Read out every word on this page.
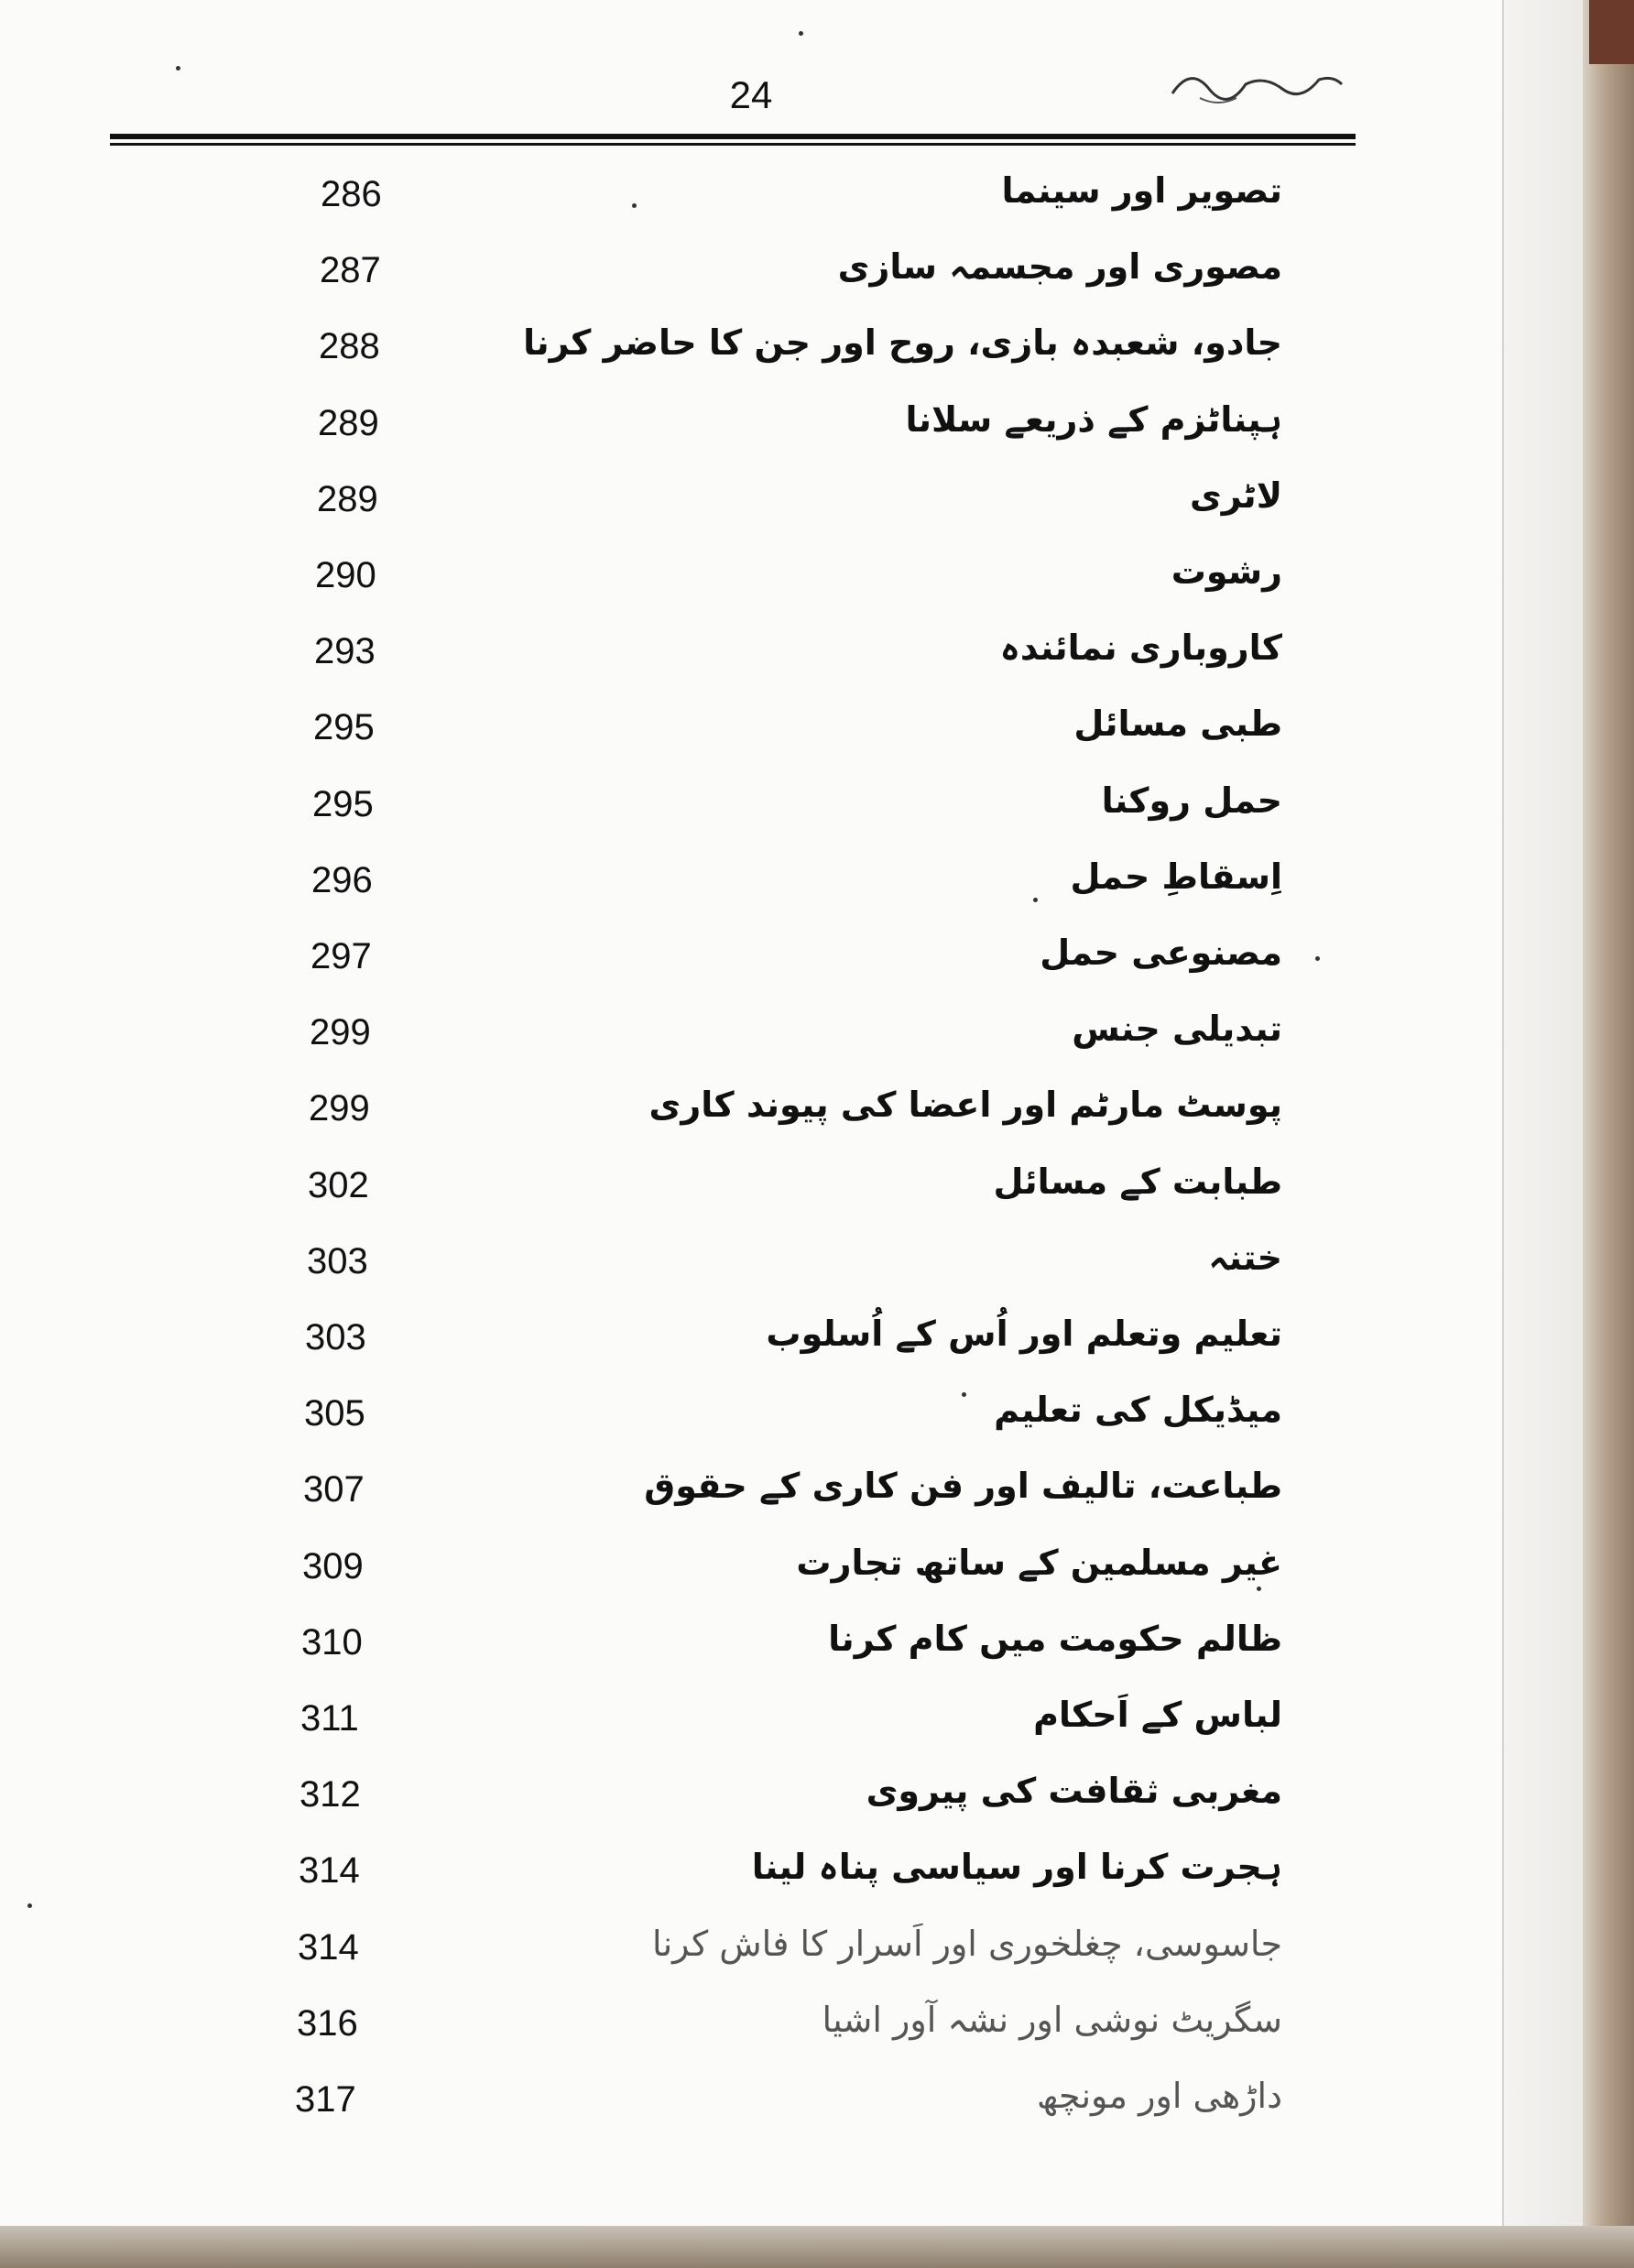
24
286	تصویر اور سینما
287	مصوری اور مجسمہ سازی
288	جادو، شعبدہ بازی، روح اور جن کا حاضر کرنا
289	ہپناٹزم کے ذریعے سلانا
289	لاٹری
290	رشوت
293	کاروباری نمائندہ
295	طبی مسائل
295	حمل روکنا
296	اِسقاطِ حمل
297	مصنوعی حمل
299	تبدیلی جنس
299	پوسٹ مارٹم اور اعضا کی پیوند کاری
302	طبابت کے مسائل
303	ختنہ
303	تعلیم وتعلم اور اُس کے اُسلوب
305	میڈیکل کی تعلیم
307	طباعت، تالیف اور فن کاری کے حقوق
309	غیر مسلمین کے ساتھ تجارت
310	ظالم حکومت میں کام کرنا
311	لباس کے اَحکام
312	مغربی ثقافت کی پیروی
314	ہجرت کرنا اور سیاسی پناہ لینا
314	جاسوسی، چغلخوری اور اَسرار کا فاش کرنا
316	سگریٹ نوشی اور نشہ آور اشیا
317	داڑھی اور مونچھ
